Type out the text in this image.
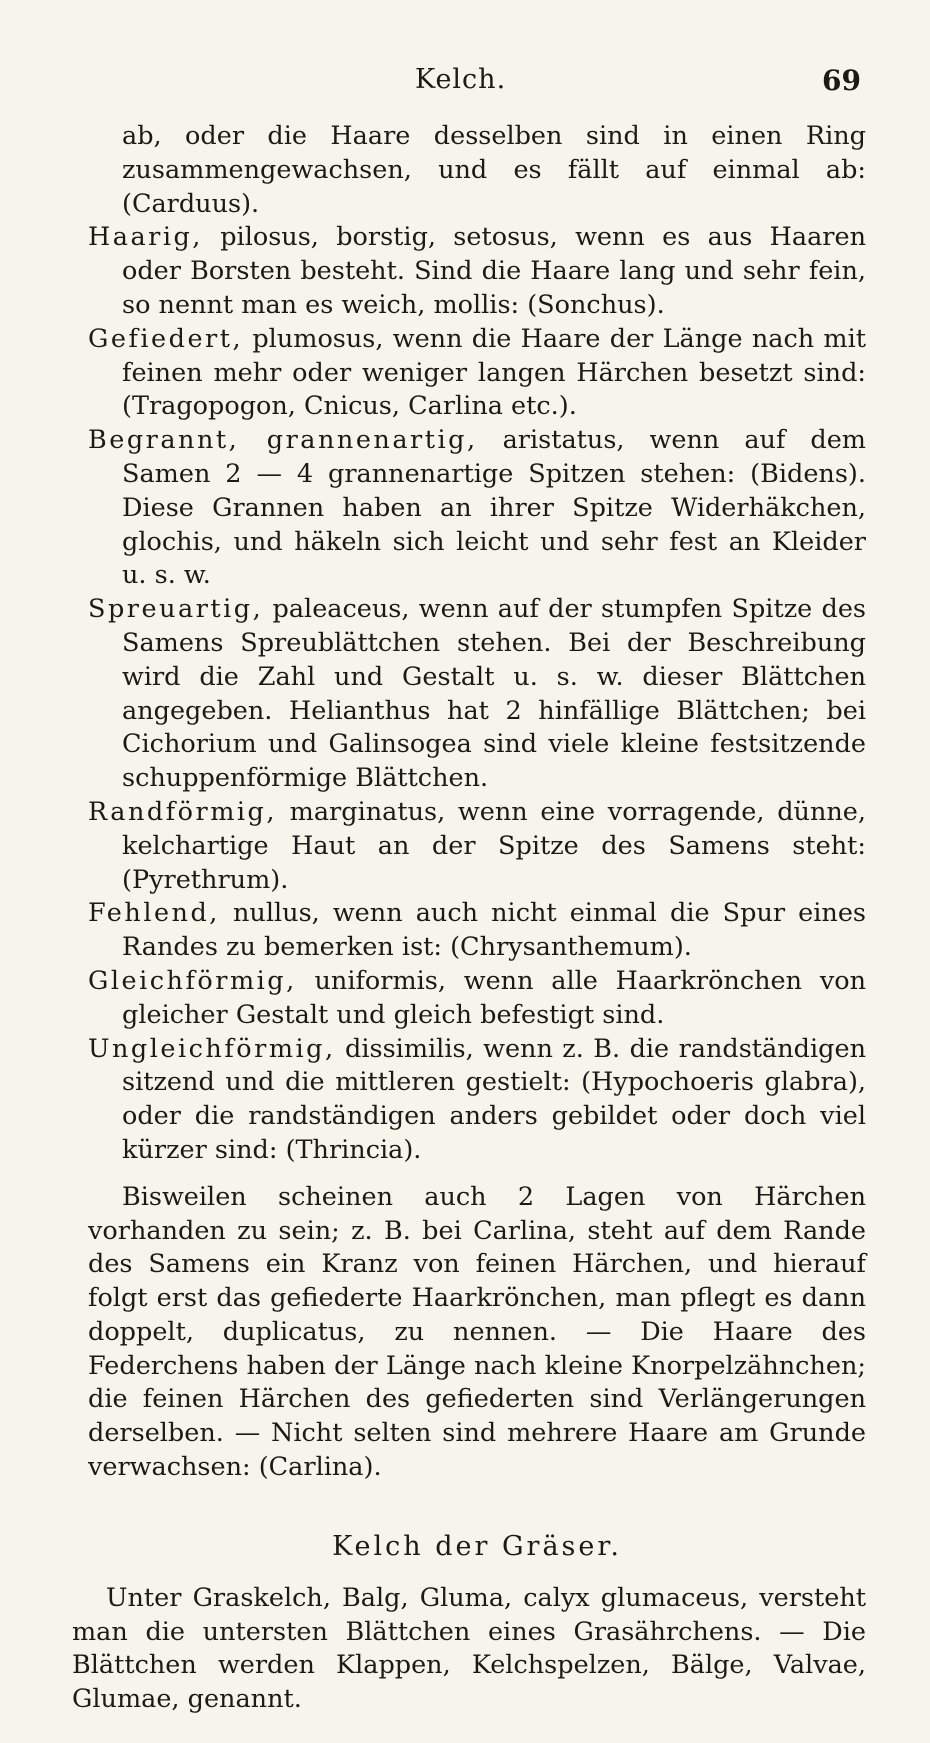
Kelch.	69

ab, oder die Haare desselben sind in einen Ring zusammengewachsen, und es fällt auf einmal ab: (Carduus).

Haarig, pilosus, borstig, setosus, wenn es aus Haaren oder Borsten besteht. Sind die Haare lang und sehr fein, so nennt man es weich, mollis: (Sonchus).

Gefiedert, plumosus, wenn die Haare der Länge nach mit feinen mehr oder weniger langen Härchen besetzt sind: (Tragopogon, Cnicus, Carlina etc.).

Begrannt, grannenartig, aristatus, wenn auf dem Samen 2 — 4 grannenartige Spitzen stehen: (Bidens). Diese Grannen haben an ihrer Spitze Widerhäkchen, glochis, und häkeln sich leicht und sehr fest an Kleider u. s. w.

Spreuartig, paleaceus, wenn auf der stumpfen Spitze des Samens Spreublättchen stehen. Bei der Beschreibung wird die Zahl und Gestalt u. s. w. dieser Blättchen angegeben. Helianthus hat 2 hinfällige Blättchen; bei Cichorium und Galinsogea sind viele kleine festsitzende schuppenförmige Blättchen.

Randförmig, marginatus, wenn eine vorragende, dünne, kelchartige Haut an der Spitze des Samens steht: (Pyrethrum).

Fehlend, nullus, wenn auch nicht einmal die Spur eines Randes zu bemerken ist: (Chrysanthemum).

Gleichförmig, uniformis, wenn alle Haarkrönchen von gleicher Gestalt und gleich befestigt sind.

Ungleichförmig, dissimilis, wenn z. B. die randständigen sitzend und die mittleren gestielt: (Hypochoeris glabra), oder die randständigen anders gebildet oder doch viel kürzer sind: (Thrincia).

Bisweilen scheinen auch 2 Lagen von Härchen vorhanden zu sein; z. B. bei Carlina, steht auf dem Rande des Samens ein Kranz von feinen Härchen, und hierauf folgt erst das gefiederte Haarkrönchen, man pflegt es dann doppelt, duplicatus, zu nennen. — Die Haare des Federchens haben der Länge nach kleine Knorpelzähnchen; die feinen Härchen des gefiederten sind Verlängerungen derselben. — Nicht selten sind mehrere Haare am Grunde verwachsen: (Carlina).

Kelch der Gräser.

Unter Graskelch, Balg, Gluma, calyx glumaceus, versteht man die untersten Blättchen eines Grasährchens. — Die Blättchen werden Klappen, Kelchspelzen, Bälge, Valvae, Glumae, genannt.
